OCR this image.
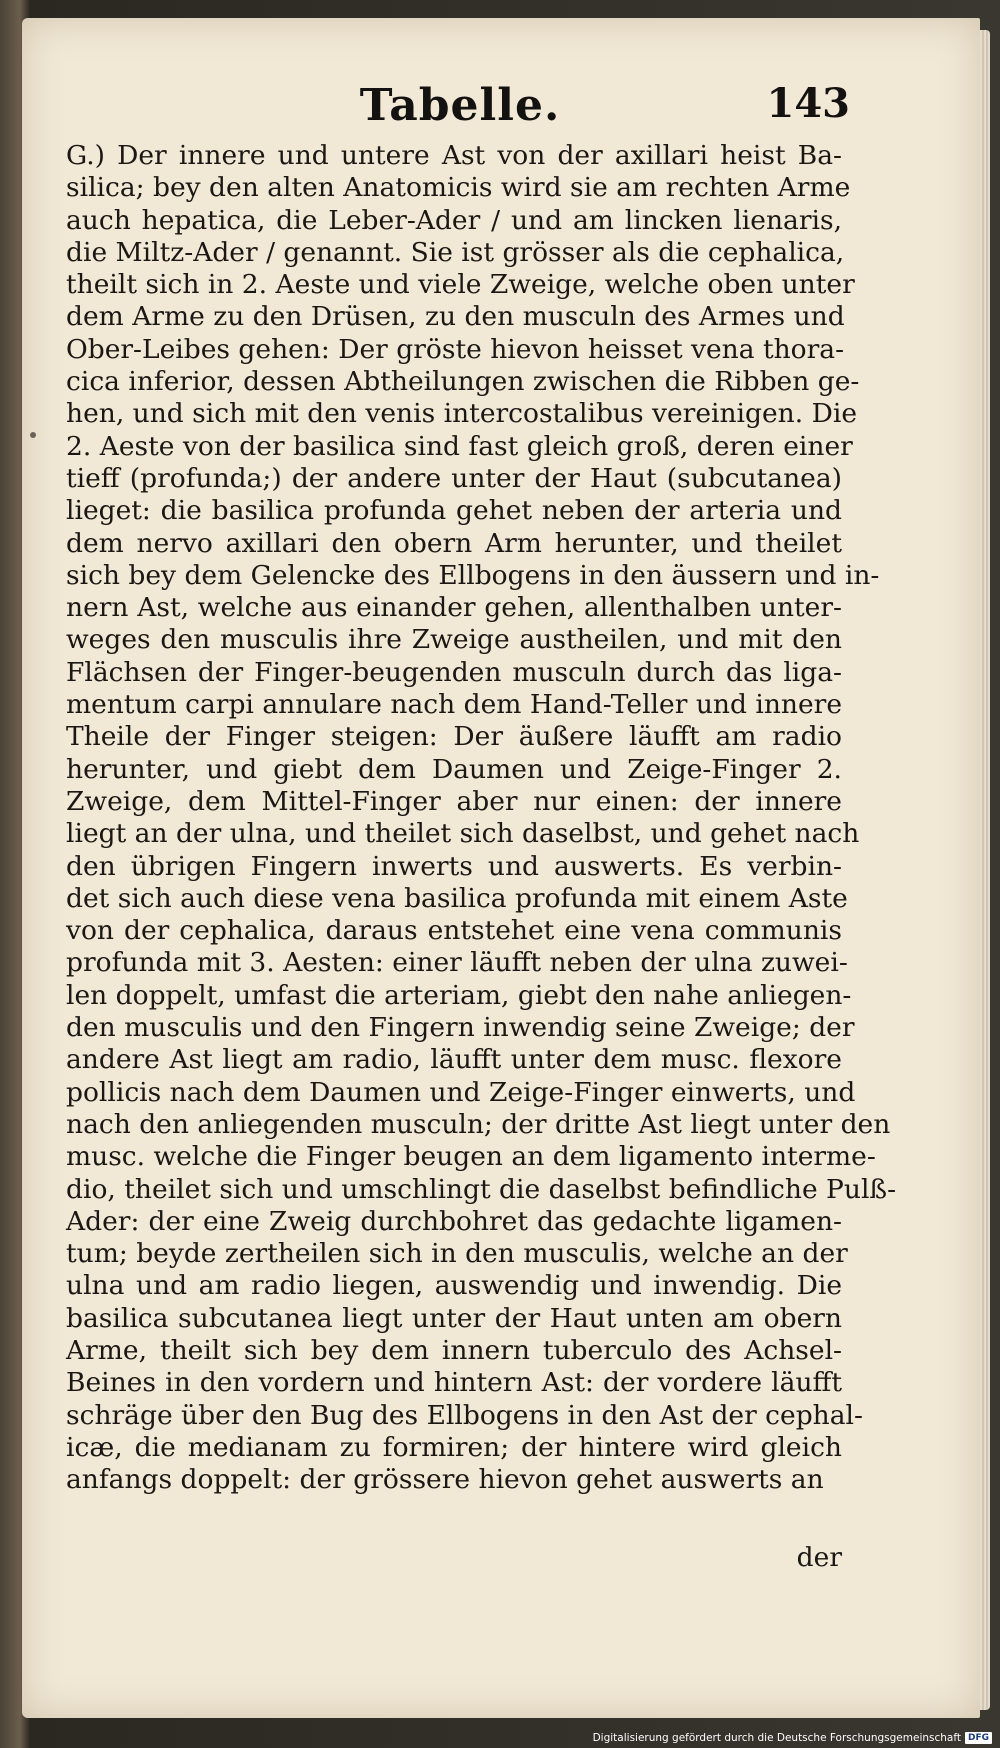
Tabelle.	143
G.) Der innere und untere Ast von der axillari heist Ba-
silica; bey den alten Anatomicis wird sie am rechten Arme
auch hepatica, die Leber-Ader / und am lincken lienaris,
die Miltz-Ader / genannt. Sie ist grösser als die cephalica,
theilt sich in 2. Aeste und viele Zweige, welche oben unter
dem Arme zu den Drüsen, zu den musculn des Armes und
Ober-Leibes gehen: Der gröste hievon heisset vena thora-
cica inferior, dessen Abtheilungen zwischen die Ribben ge-
hen, und sich mit den venis intercostalibus vereinigen. Die
2. Aeste von der basilica sind fast gleich groß, deren einer
tieff (profunda;) der andere unter der Haut (subcutanea)
lieget: die basilica profunda gehet neben der arteria und
dem nervo axillari den obern Arm herunter, und theilet
sich bey dem Gelencke des Ellbogens in den äussern und in-
nern Ast, welche aus einander gehen, allenthalben unter-
weges den musculis ihre Zweige austheilen, und mit den
Flächsen der Finger-beugenden musculn durch das liga-
mentum carpi annulare nach dem Hand-Teller und innere
Theile der Finger steigen: Der äußere läufft am radio
herunter, und giebt dem Daumen und Zeige-Finger 2.
Zweige, dem Mittel-Finger aber nur einen: der innere
liegt an der ulna, und theilet sich daselbst, und gehet nach
den übrigen Fingern inwerts und auswerts. Es verbin-
det sich auch diese vena basilica profunda mit einem Aste
von der cephalica, daraus entstehet eine vena communis
profunda mit 3. Aesten: einer läufft neben der ulna zuwei-
len doppelt, umfast die arteriam, giebt den nahe anliegen-
den musculis und den Fingern inwendig seine Zweige; der
andere Ast liegt am radio, läufft unter dem musc. flexore
pollicis nach dem Daumen und Zeige-Finger einwerts, und
nach den anliegenden musculn; der dritte Ast liegt unter den
musc. welche die Finger beugen an dem ligamento interme-
dio, theilet sich und umschlingt die daselbst befindliche Pulß-
Ader: der eine Zweig durchbohret das gedachte ligamen-
tum; beyde zertheilen sich in den musculis, welche an der
ulna und am radio liegen, auswendig und inwendig. Die
basilica subcutanea liegt unter der Haut unten am obern
Arme, theilt sich bey dem innern tuberculo des Achsel-
Beines in den vordern und hintern Ast: der vordere läufft
schräge über den Bug des Ellbogens in den Ast der cephal-
icæ, die medianam zu formiren; der hintere wird gleich
anfangs doppelt: der grössere hievon gehet auswerts an
der
Digitalisierung gefördert durch die Deutsche Forschungsgemeinschaft DFG
